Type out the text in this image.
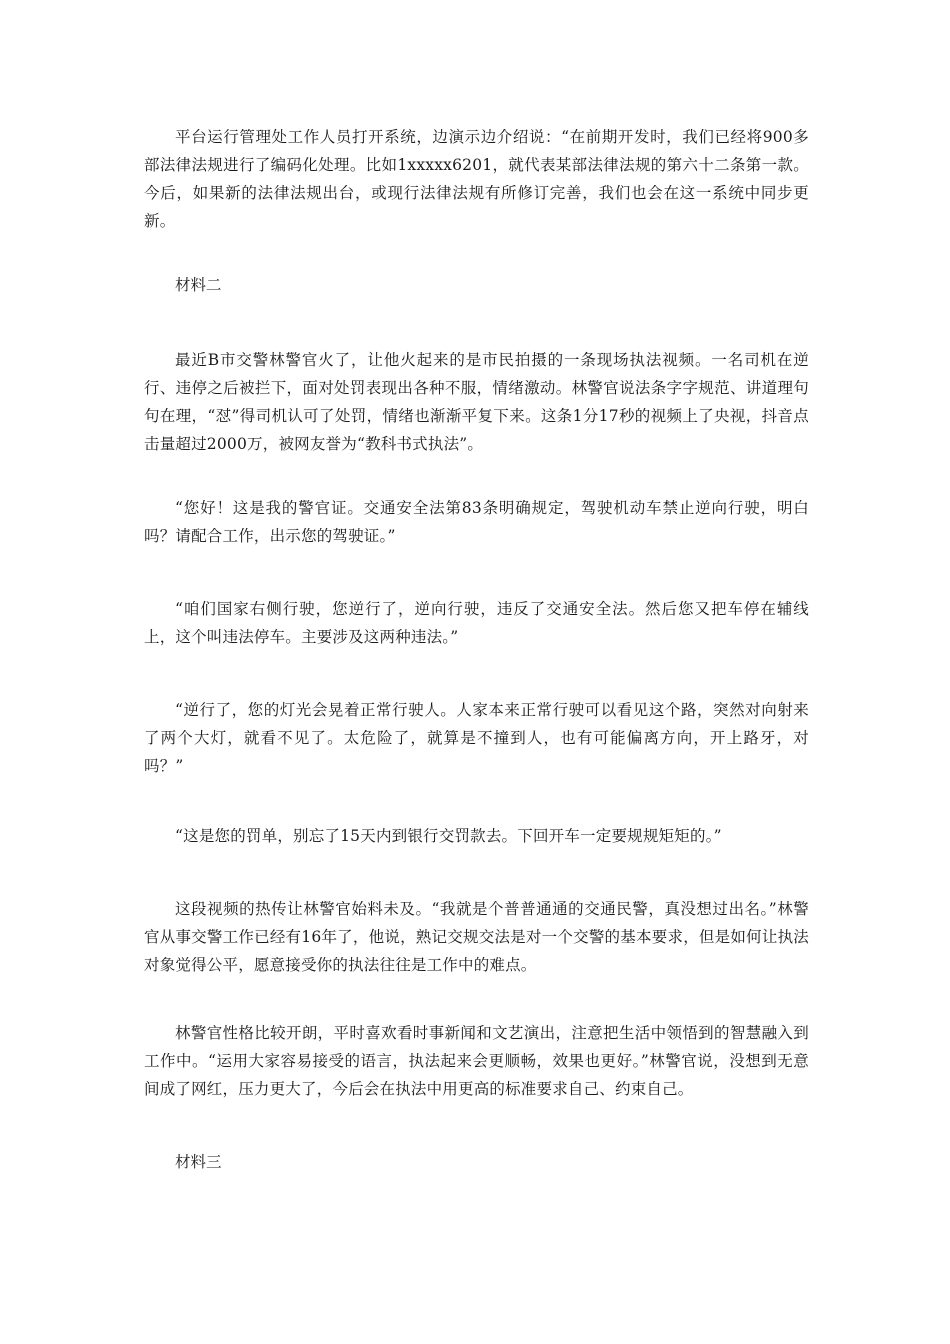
平台运行管理处工作人员打开系统，边演示边介绍说：“在前期开发时，我们已经将900多部法律法规进行了编码化处理。比如1xxxxx6201，就代表某部法律法规的第六十二条第一款。今后，如果新的法律法规出台，或现行法律法规有所修订完善，我们也会在这一系统中同步更新。

材料二

最近B市交警林警官火了，让他火起来的是市民拍摄的一条现场执法视频。一名司机在逆行、违停之后被拦下，面对处罚表现出各种不服，情绪激动。林警官说法条字字规范、讲道理句句在理，“怼”得司机认可了处罚，情绪也渐渐平复下来。这条1分17秒的视频上了央视，抖音点击量超过2000万，被网友誉为“教科书式执法”。

“您好！这是我的警官证。交通安全法第83条明确规定，驾驶机动车禁止逆向行驶，明白吗？请配合工作，出示您的驾驶证。”

“咱们国家右侧行驶，您逆行了，逆向行驶，违反了交通安全法。然后您又把车停在辅线上，这个叫违法停车。主要涉及这两种违法。”

“逆行了，您的灯光会晃着正常行驶人。人家本来正常行驶可以看见这个路，突然对向射来了两个大灯，就看不见了。太危险了，就算是不撞到人，也有可能偏离方向，开上路牙，对吗？”

“这是您的罚单，别忘了15天内到银行交罚款去。下回开车一定要规规矩矩的。”

这段视频的热传让林警官始料未及。“我就是个普普通通的交通民警，真没想过出名。”林警官从事交警工作已经有16年了，他说，熟记交规交法是对一个交警的基本要求，但是如何让执法对象觉得公平，愿意接受你的执法往往是工作中的难点。

林警官性格比较开朗，平时喜欢看时事新闻和文艺演出，注意把生活中领悟到的智慧融入到工作中。“运用大家容易接受的语言，执法起来会更顺畅，效果也更好。”林警官说，没想到无意间成了网红，压力更大了，今后会在执法中用更高的标准要求自己、约束自己。

材料三
